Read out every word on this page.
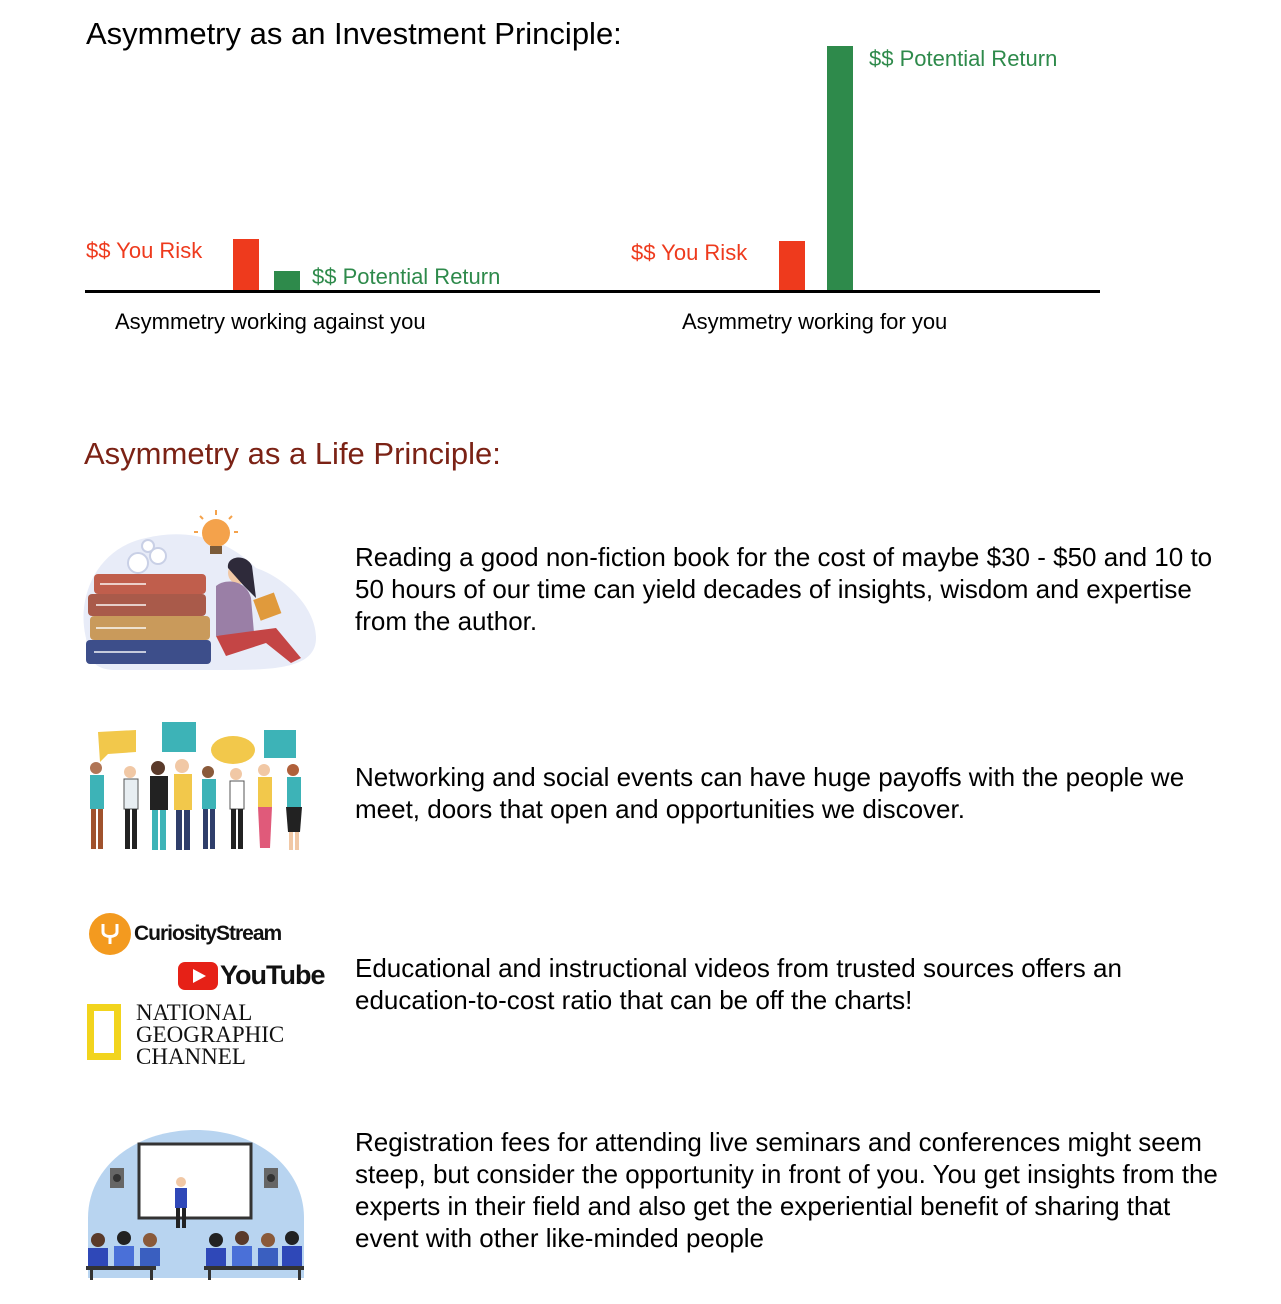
Asymmetry as an Investment Principle:
$$ You Risk
$$ Potential Return
$$ You Risk
$$ Potential Return
Asymmetry working against you	Asymmetry working for you
Asymmetry as a Life Principle:
Reading a good non-fiction book for the cost of maybe $30 - $50 and 10 to 50 hours of our time can yield decades of insights, wisdom and expertise from the author.
Networking and social events can have huge payoffs with the people we meet, doors that open and opportunities we discover.
CuriosityStream
YouTube
NATIONAL
GEOGRAPHIC
CHANNEL
Educational and instructional videos from trusted sources offers an education-to-cost ratio that can be off the charts!
Registration fees for attending live seminars and conferences might seem steep, but consider the opportunity in front of you. You get insights from the experts in their field and also get the experiential benefit of sharing that event with other like-minded people
